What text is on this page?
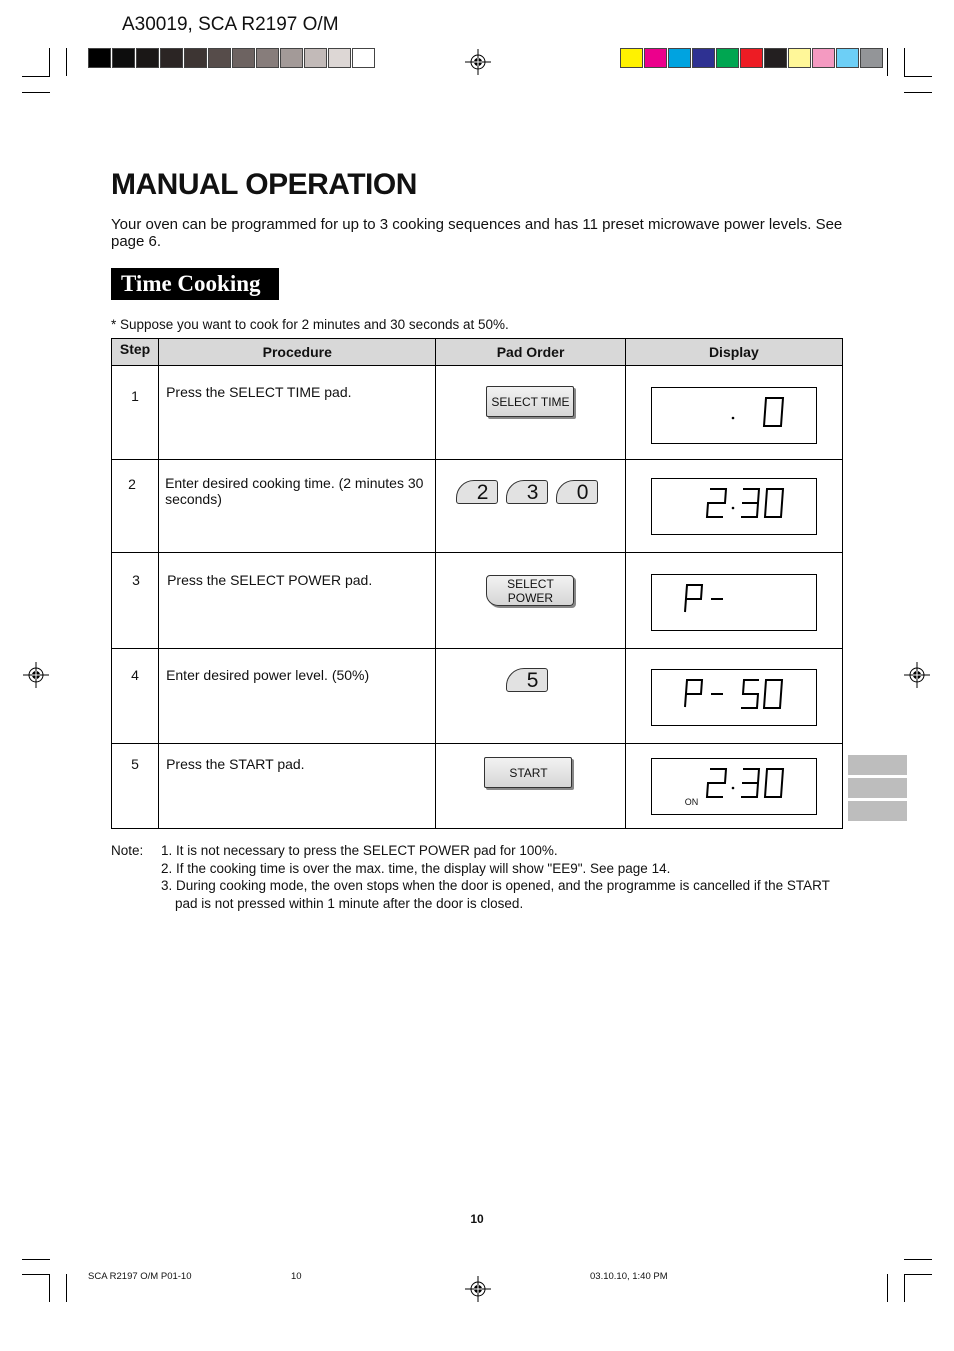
A30019, SCA R2197 O/M
MANUAL OPERATION
Your oven can be programmed for up to 3 cooking sequences and has 11 preset microwave power levels. See page 6.
Time Cooking
* Suppose you want to cook for 2 minutes and 30 seconds at 50%.
Step	Procedure	Pad Order	Display

1	Press the SELECT TIME pad.	SELECT TIME

2	Enter desired cooking time. (2 minutes 30 seconds)	2 3 0

3	Press the SELECT POWER pad.	SELECT POWER

4	Enter desired power level. (50%)	5

5	Press the START pad.	START	ON
Note: 1. It is not necessary to press the SELECT POWER pad for 100%.
2. If the cooking time is over the max. time, the display will show "EE9". See page 14.
3. During cooking mode, the oven stops when the door is opened, and the programme is cancelled if the START pad is not pressed within 1 minute after the door is closed.
10
SCA R2197 O/M P01-10	10	03.10.10, 1:40 PM
